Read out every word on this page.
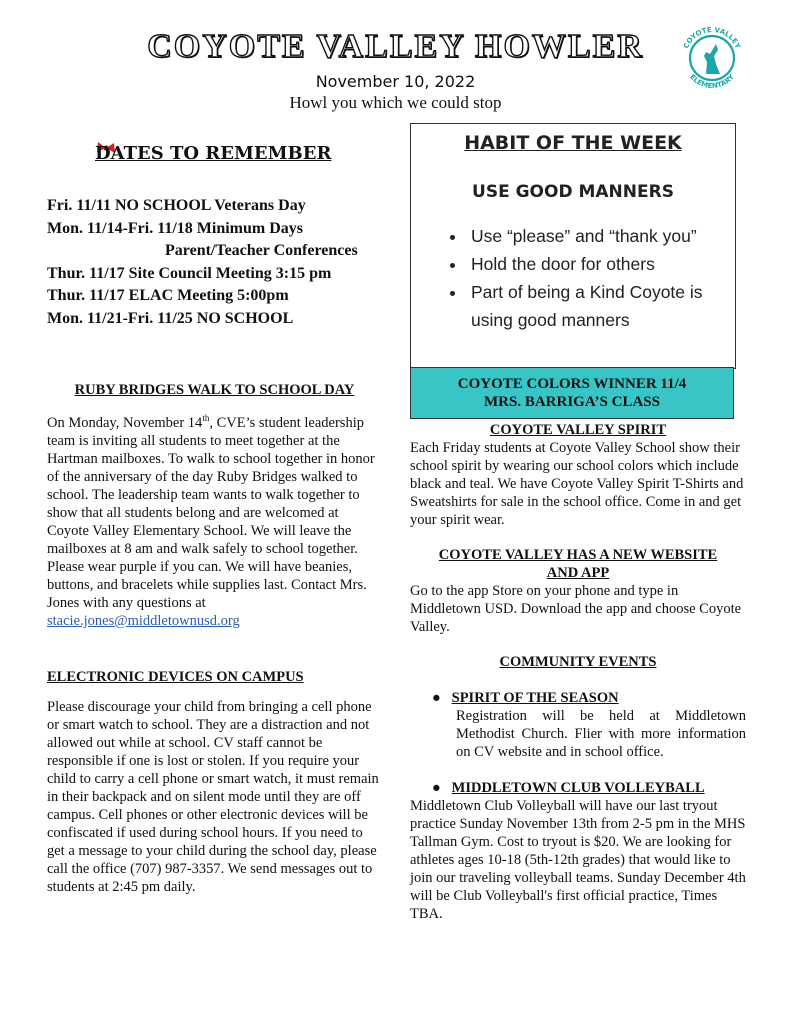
COYOTE VALLEY HOWLER
November 10, 2022
Howl you which we could stop
COYOTE VALLEY
ELEMENTARY
DATES TO REMEMBER
Fri. 11/11 NO SCHOOL Veterans Day
Mon. 11/14-Fri. 11/18 Minimum Days
Parent/Teacher Conferences
Thur. 11/17 Site Council Meeting 3:15 pm
Thur. 11/17 ELAC Meeting 5:00pm
Mon. 11/21-Fri. 11/25 NO SCHOOL
RUBY BRIDGES WALK TO SCHOOL DAY
On Monday, November 14th, CVE’s student leadership team is inviting all students to meet together at the Hartman mailboxes. To walk to school together in honor of the anniversary of the day Ruby Bridges walked to school. The leadership team wants to walk together to show that all students belong and are welcomed at Coyote Valley Elementary School. We will leave the mailboxes at 8 am and walk safely to school together. Please wear purple if you can. We will have beanies, buttons, and bracelets while supplies last. Contact Mrs. Jones with any questions at stacie.jones@middletownusd.org
ELECTRONIC DEVICES ON CAMPUS
Please discourage your child from bringing a cell phone or smart watch to school. They are a distraction and not allowed out while at school. CV staff cannot be responsible if one is lost or stolen. If you require your child to carry a cell phone or smart watch, it must remain in their backpack and on silent mode until they are off campus. Cell phones or other electronic devices will be confiscated if used during school hours. If you need to get a message to your child during the school day, please call the office (707) 987-3357. We send messages out to students at 2:45 pm daily.
HABIT OF THE WEEK
USE GOOD MANNERS
• Use “please” and “thank you”
• Hold the door for others
• Part of being a Kind Coyote is using good manners
COYOTE COLORS WINNER 11/4
MRS. BARRIGA’S CLASS
COYOTE VALLEY SPIRIT
Each Friday students at Coyote Valley School show their school spirit by wearing our school colors which include black and teal. We have Coyote Valley Spirit T-Shirts and Sweatshirts for sale in the school office. Come in and get your spirit wear.
COYOTE VALLEY HAS A NEW WEBSITE
AND APP
Go to the app Store on your phone and type in Middletown USD. Download the app and choose Coyote Valley.
COMMUNITY EVENTS
●   SPIRIT OF THE SEASON
Registration will be held at Middletown Methodist Church. Flier with more information on CV website and in school office.
●   MIDDLETOWN CLUB VOLLEYBALL
Middletown Club Volleyball will have our last tryout practice Sunday November 13th from 2-5 pm in the MHS Tallman Gym. Cost to tryout is $20. We are looking for athletes ages 10-18 (5th-12th grades) that would like to join our traveling volleyball teams. Sunday December 4th will be Club Volleyball's first official practice, Times TBA.
